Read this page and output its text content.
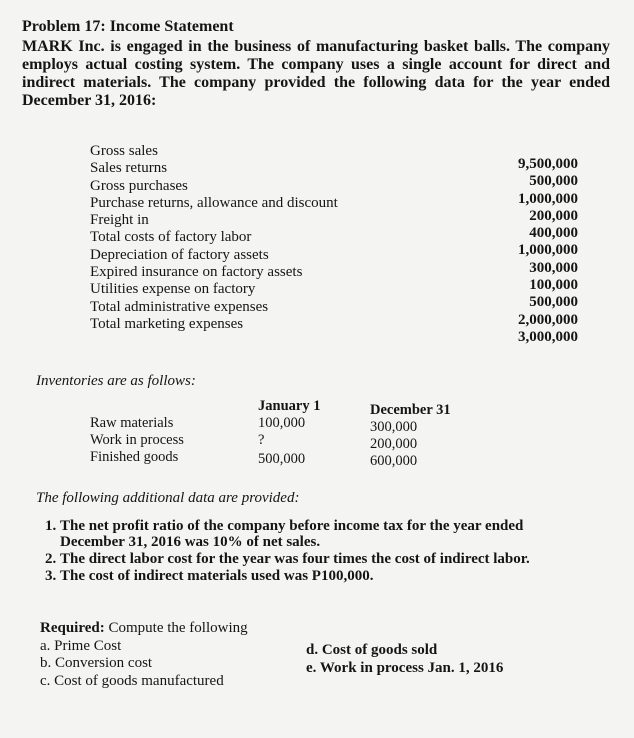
Problem 17: Income Statement
MARK Inc. is engaged in the business of manufacturing basket balls. The company employs actual costing system. The company uses a single account for direct and indirect materials. The company provided the following data for the year ended December 31, 2016:
Gross sales
Sales returns
Gross purchases
Purchase returns, allowance and discount
Freight in
Total costs of factory labor
Depreciation of factory assets
Expired insurance on factory assets
Utilities expense on factory
Total administrative expenses
Total marketing expenses
9,500,000
500,000
1,000,000
200,000
400,000
1,000,000
300,000
100,000
500,000
2,000,000
3,000,000
Inventories are as follows:
Raw materials
Work in process
Finished goods
January 1
100,000
?
500,000
December 31
300,000
200,000
600,000
The following additional data are provided:
1. The net profit ratio of the company before income tax for the year ended December 31, 2016 was 10% of net sales.
2. The direct labor cost for the year was four times the cost of indirect labor.
3. The cost of indirect materials used was P100,000.
Required: Compute the following
a. Prime Cost
b. Conversion cost
c. Cost of goods manufactured
d. Cost of goods sold
e. Work in process Jan. 1, 2016
